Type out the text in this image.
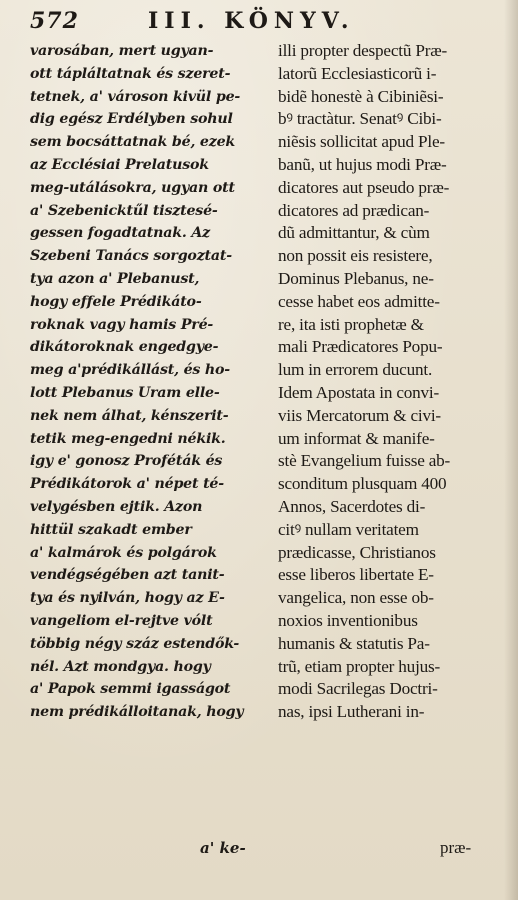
572	III. KÖNYV.
varosában, mert ugyan-
ott tápláltatnak és szeret-
tetnek, a' városon kivül pe-
dig egész Erdélyben sohul
sem bocsáttatnak bé, ezek
az Ecclésiai Prelatusok
meg-utálásokra, ugyan ott
a' Szebenicktűl tisztesé-
gessen fogadtatnak. Az
Szebeni Tanács sorgoztat-
tya azon a' Plebanust,
hogy effele Prédikáto-
roknak vagy hamis Pré-
dikátoroknak engedgye-
meg a'prédikállást, és ho-
lott Plebanus Uram elle-
nek nem álhat, kénszerit-
tetik meg-engedni nékik.
igy e' gonosz Proféták és
Prédikátorok a' népet té-
velygésben ejtik. Azon
hittül szakadt ember
a' kalmárok és polgárok
vendégségében azt tanit-
tya és nyilván, hogy az E-
vangeliom el-rejtve vólt
többig négy száz estendők-
nél. Azt mondgya. hogy
a' Papok semmi igasságot
nem prédikálloitanak, hogy
illi propter despectũ Præ-
latorũ Ecclesiasticorũ i-
bidẽ honestè à Cibiniẽsi-
bꝰ tractàtur. Senatꝰ Cibi-
niẽsis sollicitat apud Ple-
banũ, ut hujus modi Præ-
dicatores aut pseudo præ-
dicatores ad prædican-
dũ admittantur, & cùm
non possit eis resistere,
Dominus Plebanus, ne-
cesse habet eos admitte-
re, ita isti prophetæ &
mali Prædicatores Popu-
lum in errorem ducunt.
Idem Apostata in convi-
viis Mercatorum & civi-
um informat & manife-
stè Evangelium fuisse ab-
sconditum plusquam 400
Annos, Sacerdotes di-
citꝰ nullam veritatem
prædicasse, Christianos
esse liberos libertate E-
vangelica, non esse ob-
noxios inventionibus
humanis & statutis Pa-
trũ, etiam propter hujus-
modi Sacrilegas Doctri-
nas, ipsi Lutherani in-
a' ke-	præ-
